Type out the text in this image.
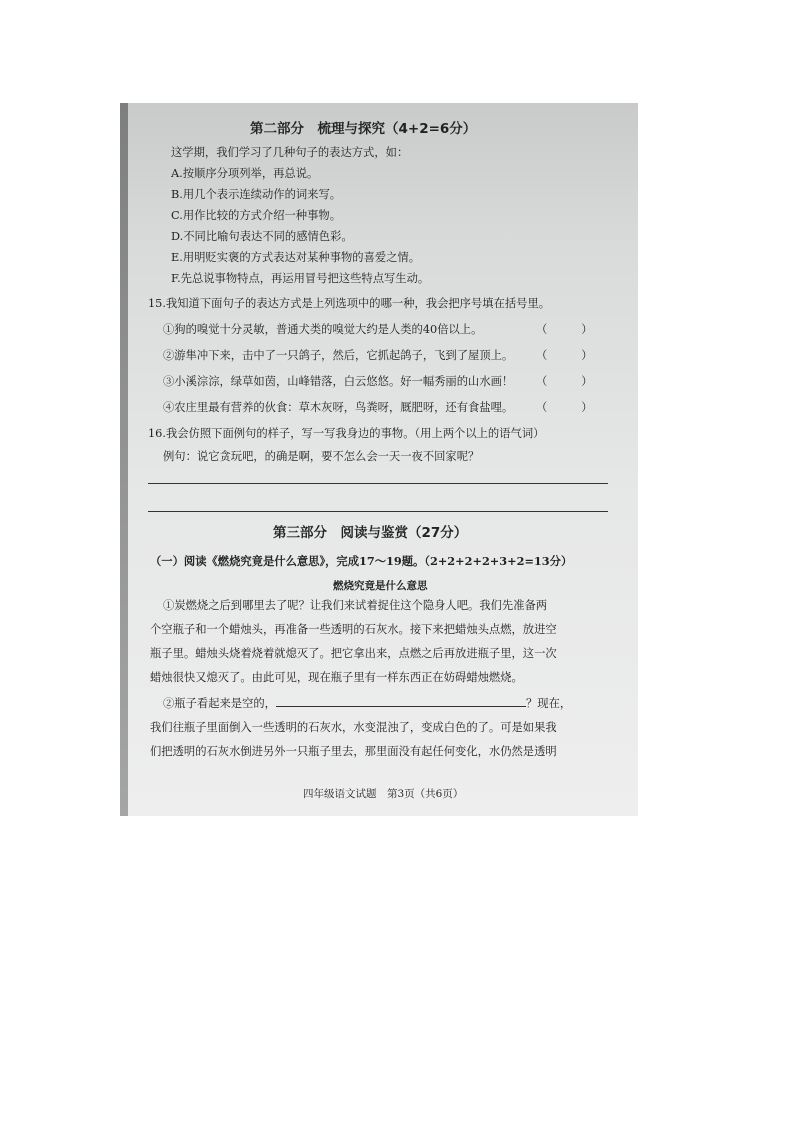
第二部分　梳理与探究（4+2=6分）
这学期，我们学习了几种句子的表达方式，如：
A.按顺序分项列举，再总说。
B.用几个表示连续动作的词来写。
C.用作比较的方式介绍一种事物。
D.不同比喻句表达不同的感情色彩。
E.用明贬实褒的方式表达对某种事物的喜爱之情。
F.先总说事物特点，再运用冒号把这些特点写生动。
15.我知道下面句子的表达方式是上列选项中的哪一种，我会把序号填在括号里。
①狗的嗅觉十分灵敏，普通犬类的嗅觉大约是人类的40倍以上。	（　　　）
②游隼冲下来，击中了一只鸽子，然后，它抓起鸽子，飞到了屋顶上。 （　　　）
③小溪淙淙，绿草如茵，山峰错落，白云悠悠。好一幅秀丽的山水画！ （　　　）
④农庄里最有营养的伙食：草木灰呀，鸟粪呀，厩肥呀，还有食盐哩。 （　　　）
16.我会仿照下面例句的样子，写一写我身边的事物。（用上两个以上的语气词）
例句：说它贪玩吧，的确是啊，要不怎么会一天一夜不回家呢？
第三部分　阅读与鉴赏（27分）
（一）阅读《燃烧究竟是什么意思》，完成17～19题。（2+2+2+2+3+2=13分）
燃烧究竟是什么意思
①炭燃烧之后到哪里去了呢？让我们来试着捉住这个隐身人吧。我们先准备两
个空瓶子和一个蜡烛头，再准备一些透明的石灰水。接下来把蜡烛头点燃，放进空
瓶子里。蜡烛头烧着烧着就熄灭了。把它拿出来，点燃之后再放进瓶子里，这一次
蜡烛很快又熄灭了。由此可见，现在瓶子里有一样东西正在妨碍蜡烛燃烧。
②瓶子看起来是空的，	？现在，
我们往瓶子里面倒入一些透明的石灰水，水变混浊了，变成白色的了。可是如果我
们把透明的石灰水倒进另外一只瓶子里去，那里面没有起任何变化，水仍然是透明
四年级语文试题　第3页（共6页）
